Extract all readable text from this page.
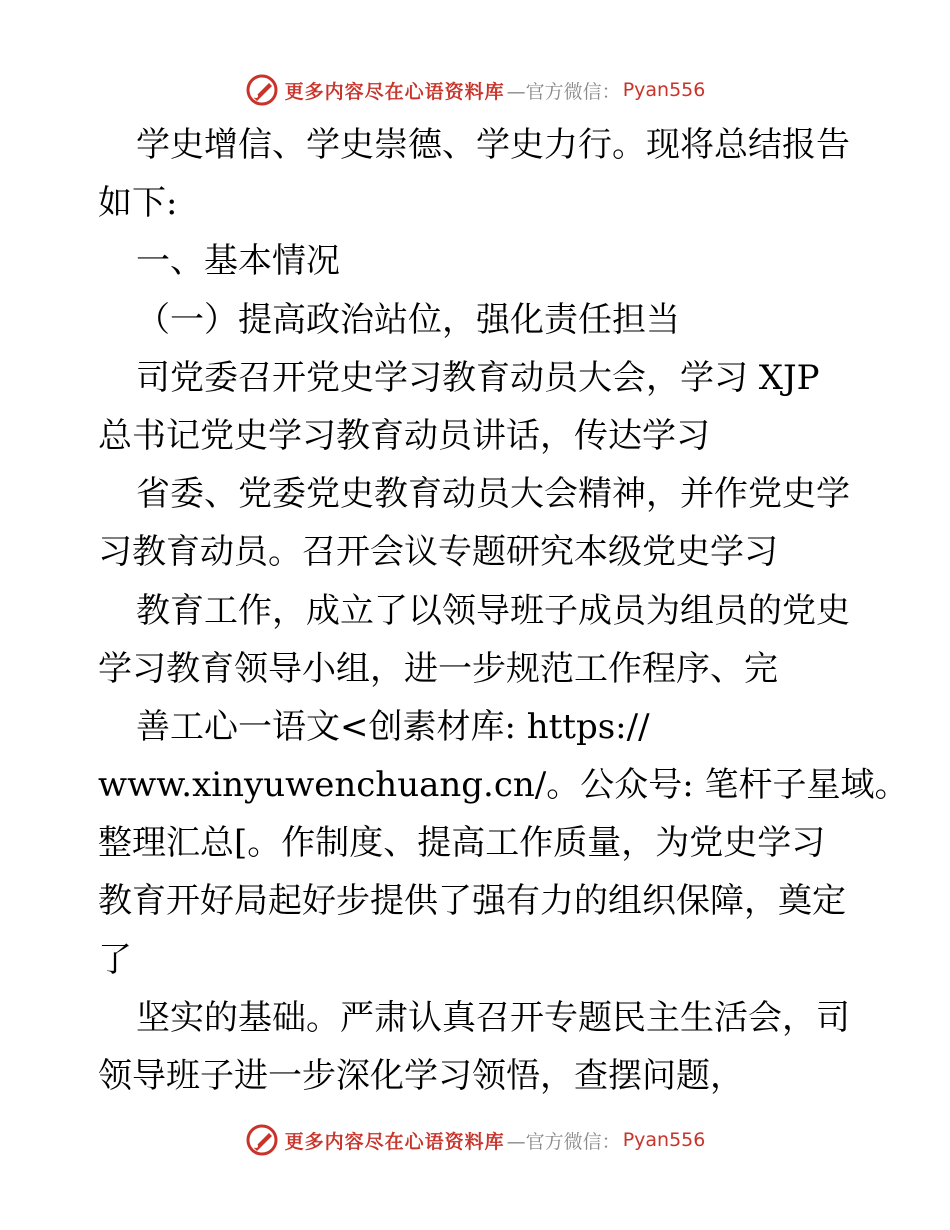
更多内容尽在心语资料库 —官方微信： Pyan556
学史增信、学史崇德、学史力行。现将总结报告
如下:
一、基本情况
（一）提高政治站位，强化责任担当
司党委召开党史学习教育动员大会，学习 XJP
总书记党史学习教育动员讲话，传达学习
省委、党委党史教育动员大会精神，并作党史学
习教育动员。召开会议专题研究本级党史学习
教育工作，成立了以领导班子成员为组员的党史
学习教育领导小组，进一步规范工作程序、完
善工心一语文<创素材库: https://
www.xinyuwenchuang.cn/。公众号: 笔杆子星域。
整理汇总[。作制度、提高工作质量，为党史学习
教育开好局起好步提供了强有力的组织保障，奠定
了
坚实的基础。严肃认真召开专题民主生活会，司
领导班子进一步深化学习领悟，查摆问题，
更多内容尽在心语资料库 —官方微信： Pyan556
